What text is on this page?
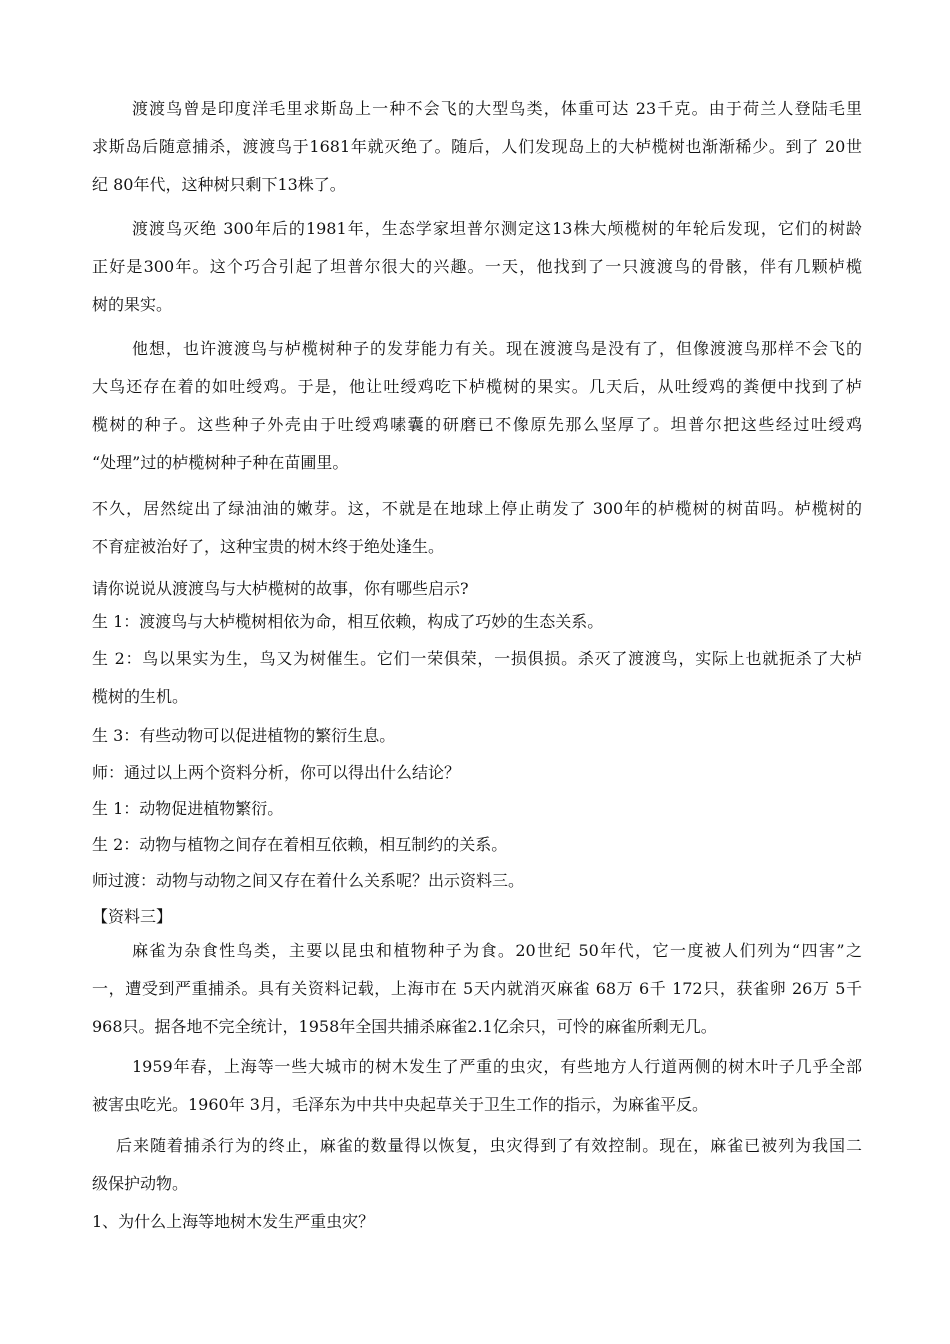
渡渡鸟曾是印度洋毛里求斯岛上一种不会飞的大型鸟类，体重可达 23千克。由于荷兰人登陆毛里
求斯岛后随意捕杀，渡渡鸟于1681年就灭绝了。随后，人们发现岛上的大栌榄树也渐渐稀少。到了 20世
纪 80年代，这种树只剩下13株了。
渡渡鸟灭绝 300年后的1981年，生态学家坦普尔测定这13株大颅榄树的年轮后发现，它们的树龄
正好是300年。这个巧合引起了坦普尔很大的兴趣。一天，他找到了一只渡渡鸟的骨骸，伴有几颗栌榄
树的果实。
他想，也许渡渡鸟与栌榄树种子的发芽能力有关。现在渡渡鸟是没有了，但像渡渡鸟那样不会飞的
大鸟还存在着的如吐绶鸡。于是，他让吐绶鸡吃下栌榄树的果实。几天后，从吐绶鸡的粪便中找到了栌
榄树的种子。这些种子外壳由于吐绶鸡嗉囊的研磨已不像原先那么坚厚了。坦普尔把这些经过吐绶鸡
“处理”过的栌榄树种子种在苗圃里。
不久，居然绽出了绿油油的嫩芽。这，不就是在地球上停止萌发了 300年的栌榄树的树苗吗。栌榄树的
不育症被治好了，这种宝贵的树木终于绝处逢生。
请你说说从渡渡鸟与大栌榄树的故事，你有哪些启示?
生 1：渡渡鸟与大栌榄树相依为命，相互依赖，构成了巧妙的生态关系。
生 2：鸟以果实为生，鸟又为树催生。它们一荣俱荣，一损俱损。杀灭了渡渡鸟，实际上也就扼杀了大栌
榄树的生机。
生 3：有些动物可以促进植物的繁衍生息。
师：通过以上两个资料分析，你可以得出什么结论？
生 1：动物促进植物繁衍。
生 2：动物与植物之间存在着相互依赖，相互制约的关系。
师过渡：动物与动物之间又存在着什么关系呢？出示资料三。
【资料三】
麻雀为杂食性鸟类，主要以昆虫和植物种子为食。20世纪 50年代，它一度被人们列为“四害”之
一，遭受到严重捕杀。具有关资料记载，上海市在 5天内就消灭麻雀 68万 6千 172只，获雀卵 26万 5千
968只。据各地不完全统计，1958年全国共捕杀麻雀2.1亿余只，可怜的麻雀所剩无几。
1959年春，上海等一些大城市的树木发生了严重的虫灾，有些地方人行道两侧的树木叶子几乎全部
被害虫吃光。1960年 3月，毛泽东为中共中央起草关于卫生工作的指示，为麻雀平反。
后来随着捕杀行为的终止，麻雀的数量得以恢复，虫灾得到了有效控制。现在，麻雀已被列为我国二
级保护动物。
1、为什么上海等地树木发生严重虫灾？
